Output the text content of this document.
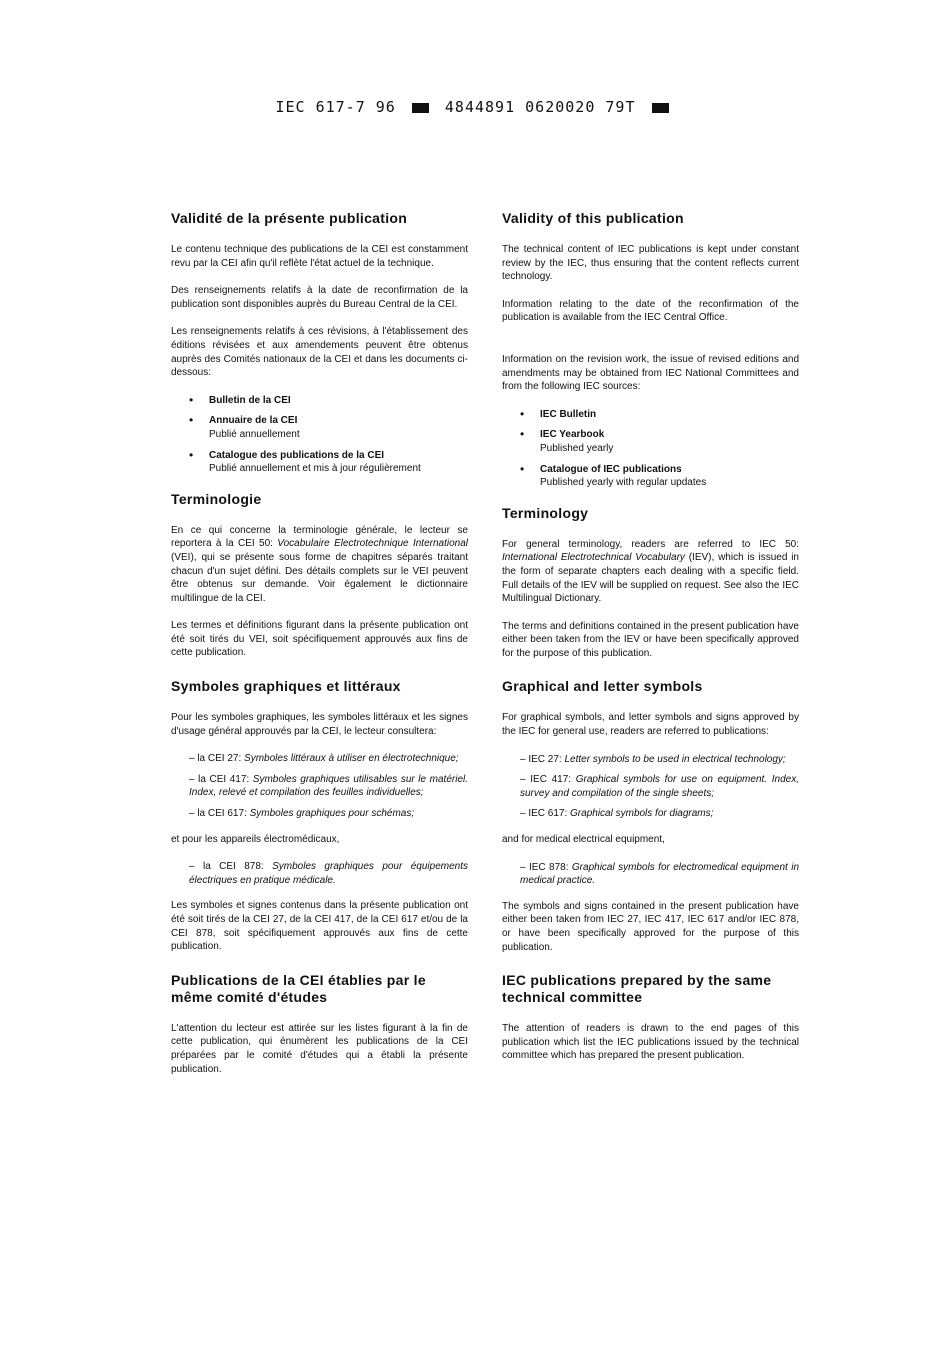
IEC 617-7 96	4844891 0620020 79T
Validité de la présente publication

Le contenu technique des publications de la CEI est constamment revu par la CEI afin qu'il reflète l'état actuel de la technique.

Des renseignements relatifs à la date de reconfirmation de la publication sont disponibles auprès du Bureau Central de la CEI.

Les renseignements relatifs à ces révisions, à l'établissement des éditions révisées et aux amendements peuvent être obtenus auprès des Comités nationaux de la CEI et dans les documents ci-dessous:

• Bulletin de la CEI
• Annuaire de la CEI
Publié annuellement
• Catalogue des publications de la CEI
Publié annuellement et mis à jour régulièrement
Terminologie

En ce qui concerne la terminologie générale, le lecteur se reportera à la CEI 50: Vocabulaire Electrotechnique International (VEI), qui se présente sous forme de chapitres séparés traitant chacun d'un sujet défini. Des détails complets sur le VEI peuvent être obtenus sur demande. Voir également le dictionnaire multilingue de la CEI.

Les termes et définitions figurant dans la présente publication ont été soit tirés du VEI, soit spécifiquement approuvés aux fins de cette publication.

Symboles graphiques et littéraux

Pour les symboles graphiques, les symboles littéraux et les signes d'usage général approuvés par la CEI, le lecteur consultera:

– la CEI 27: Symboles littéraux à utiliser en électrotechnique;
– la CEI 417: Symboles graphiques utilisables sur le matériel. Index, relevé et compilation des feuilles individuelles;
– la CEI 617: Symboles graphiques pour schémas;

et pour les appareils électromédicaux,

– la CEI 878: Symboles graphiques pour équipements électriques en pratique médicale.

Les symboles et signes contenus dans la présente publication ont été soit tirés de la CEI 27, de la CEI 417, de la CEI 617 et/ou de la CEI 878, soit spécifiquement approuvés aux fins de cette publication.

Publications de la CEI établies par le même comité d'études

L'attention du lecteur est attirée sur les listes figurant à la fin de cette publication, qui énumèrent les publications de la CEI préparées par le comité d'études qui a établi la présente publication.

Validity of this publication

The technical content of IEC publications is kept under constant review by the IEC, thus ensuring that the content reflects current technology.

Information relating to the date of the reconfirmation of the publication is available from the IEC Central Office.

Information on the revision work, the issue of revised editions and amendments may be obtained from IEC National Committees and from the following IEC sources:

• IEC Bulletin
• IEC Yearbook
Published yearly
• Catalogue of IEC publications
Published yearly with regular updates
Terminology

For general terminology, readers are referred to IEC 50: International Electrotechnical Vocabulary (IEV), which is issued in the form of separate chapters each dealing with a specific field. Full details of the IEV will be supplied on request. See also the IEC Multilingual Dictionary.

The terms and definitions contained in the present publication have either been taken from the IEV or have been specifically approved for the purpose of this publication.

Graphical and letter symbols

For graphical symbols, and letter symbols and signs approved by the IEC for general use, readers are referred to publications:

– IEC 27: Letter symbols to be used in electrical technology;
– IEC 417: Graphical symbols for use on equipment. Index, survey and compilation of the single sheets;
– IEC 617: Graphical symbols for diagrams;

and for medical electrical equipment,

– IEC 878: Graphical symbols for electromedical equipment in medical practice.

The symbols and signs contained in the present publication have either been taken from IEC 27, IEC 417, IEC 617 and/or IEC 878, or have been specifically approved for the purpose of this publication.

IEC publications prepared by the same technical committee

The attention of readers is drawn to the end pages of this publication which list the IEC publications issued by the technical committee which has prepared the present publication.
